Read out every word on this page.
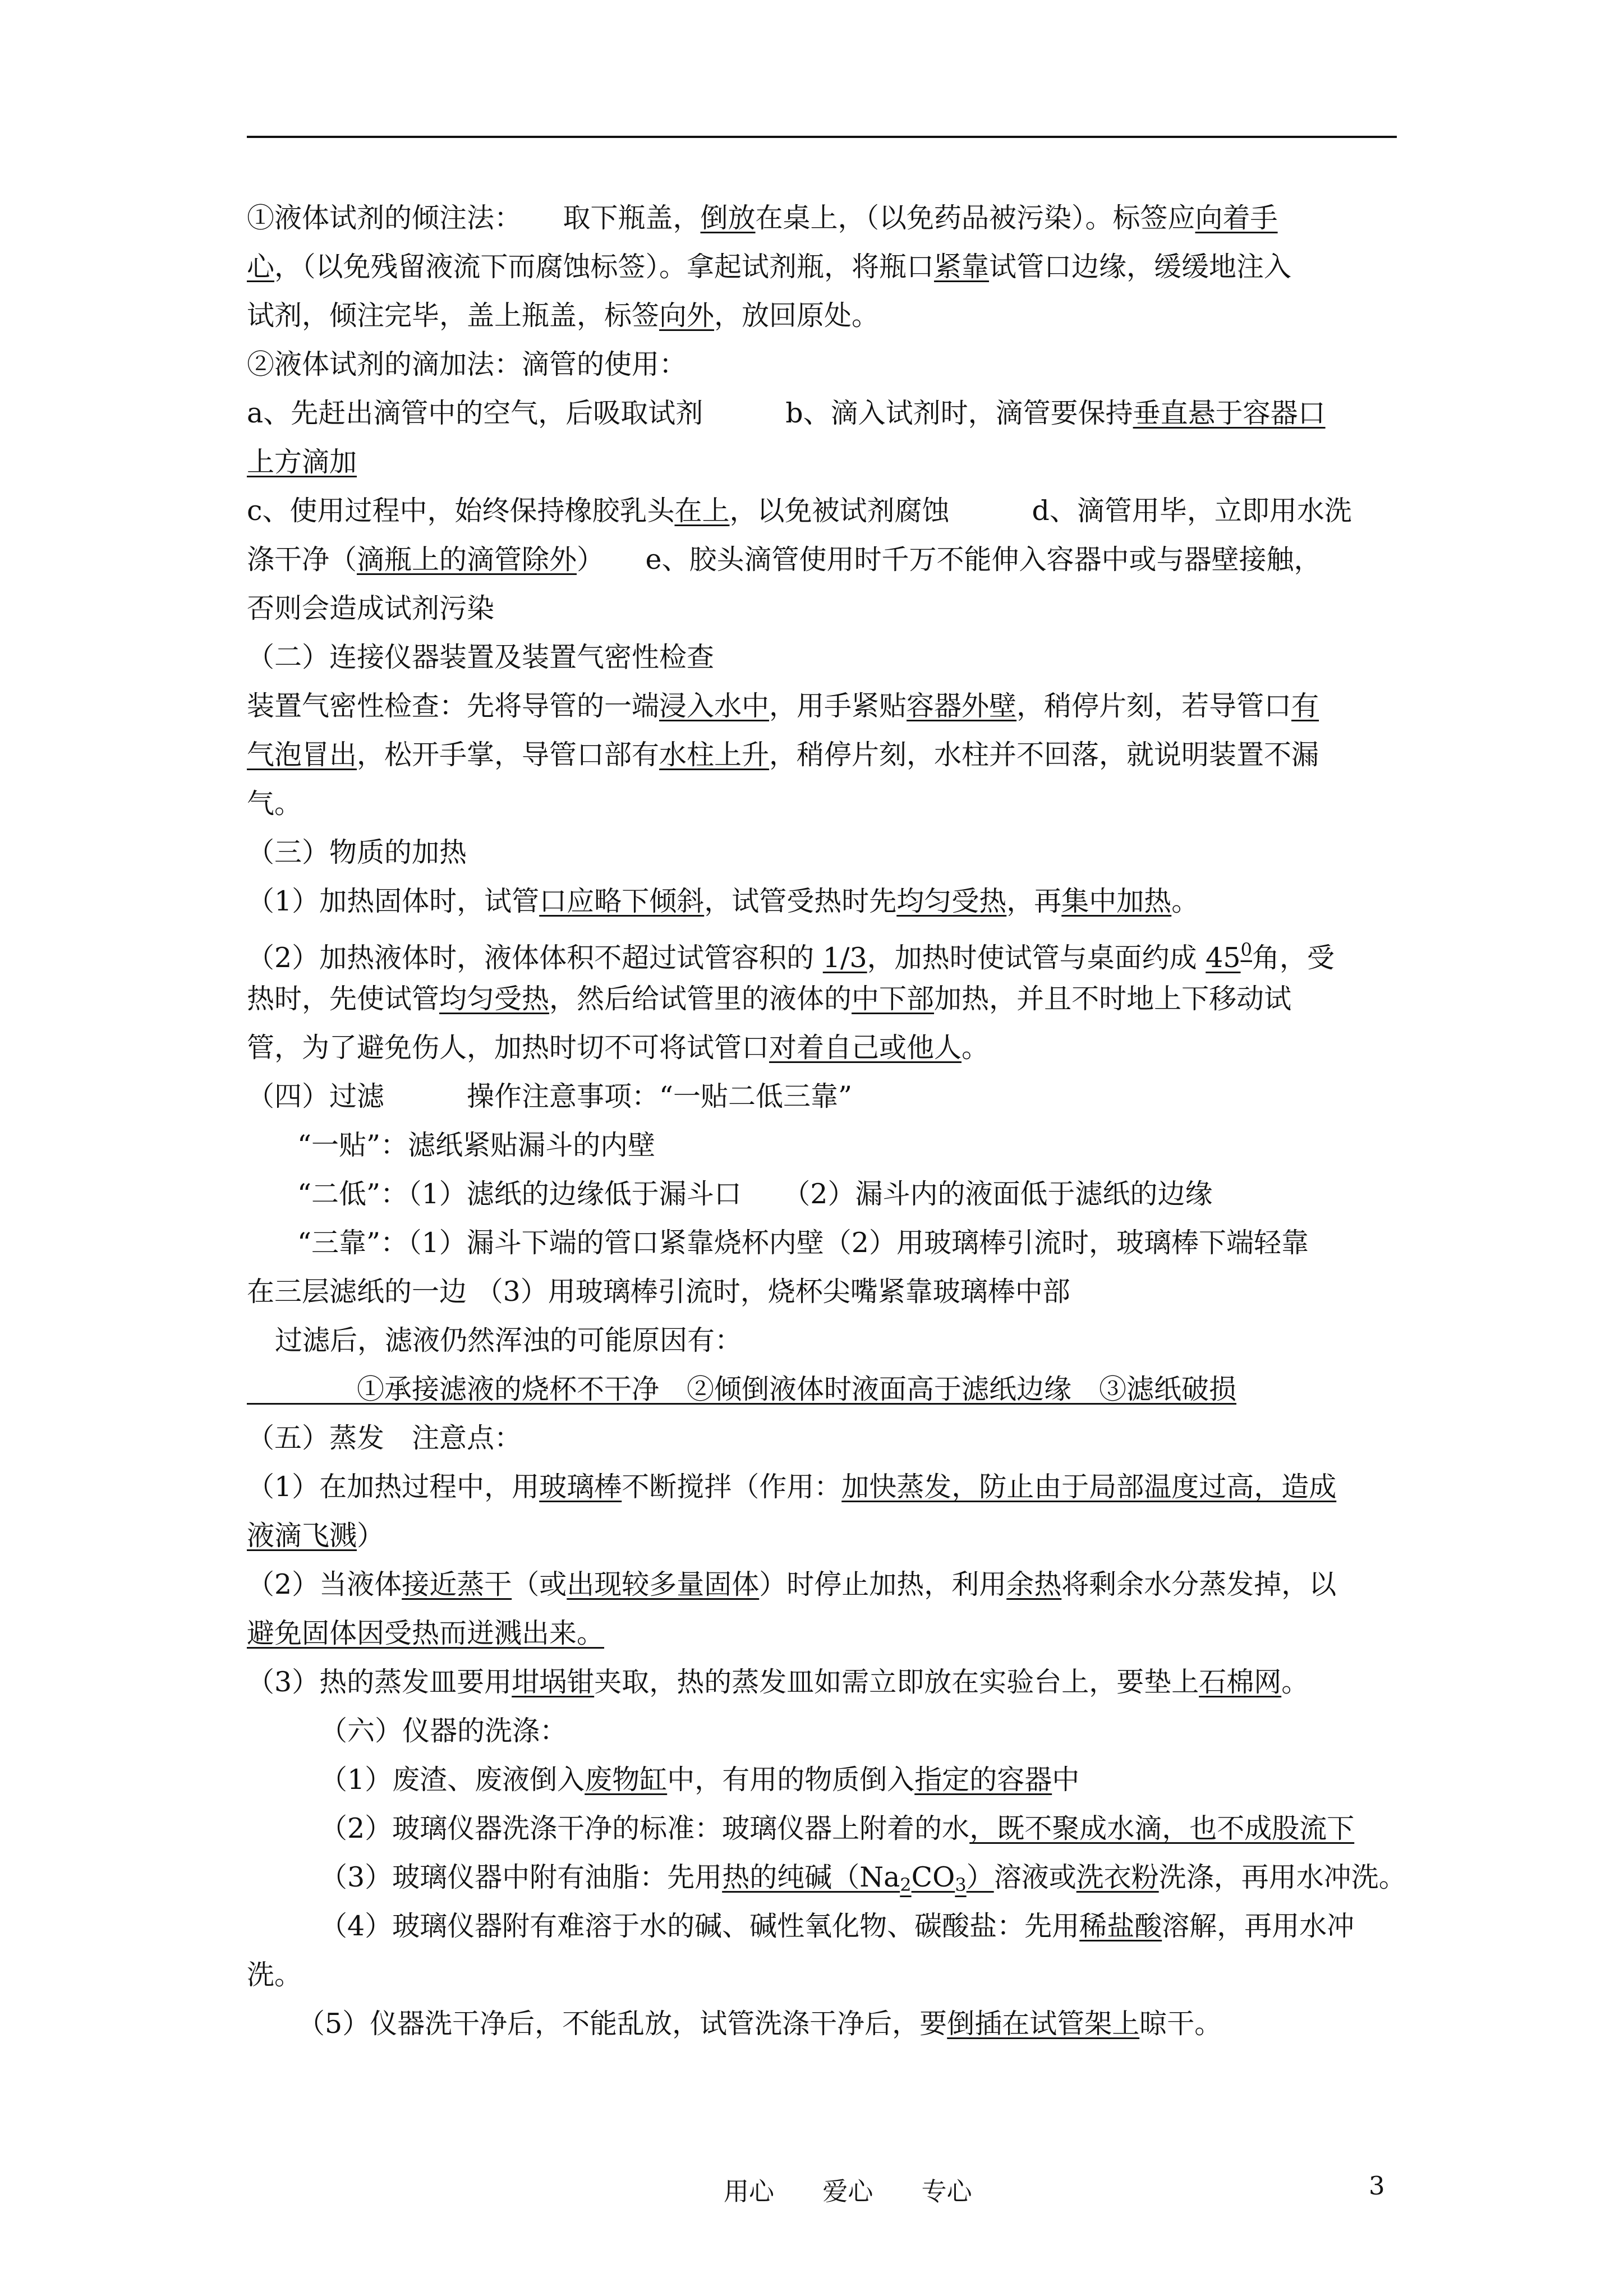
①液体试剂的倾注法：　　取下瓶盖，倒放在桌上，（以免药品被污染）。标签应向着手
心，（以免残留液流下而腐蚀标签）。拿起试剂瓶，将瓶口紧靠试管口边缘，缓缓地注入
试剂，倾注完毕，盖上瓶盖，标签向外，放回原处。
②液体试剂的滴加法：滴管的使用：
a、先赶出滴管中的空气，后吸取试剂　　　b、滴入试剂时，滴管要保持垂直悬于容器口
上方滴加
c、使用过程中，始终保持橡胶乳头在上，以免被试剂腐蚀　　　d、滴管用毕，立即用水洗
涤干净（滴瓶上的滴管除外）　　e、胶头滴管使用时千万不能伸入容器中或与器壁接触，
否则会造成试剂污染
（二）连接仪器装置及装置气密性检查
装置气密性检查：先将导管的一端浸入水中，用手紧贴容器外壁，稍停片刻，若导管口有
气泡冒出，松开手掌，导管口部有水柱上升，稍停片刻，水柱并不回落，就说明装置不漏
气。
（三）物质的加热
（1）加热固体时，试管口应略下倾斜，试管受热时先均匀受热，再集中加热。
（2）加热液体时，液体体积不超过试管容积的 1/3，加热时使试管与桌面约成 $45^0$角，受
热时，先使试管均匀受热，然后给试管里的液体的中下部加热，并且不时地上下移动试
管，为了避免伤人，加热时切不可将试管口对着自己或他人。
（四）过滤　　　操作注意事项：“一贴二低三靠”
“一贴”：滤纸紧贴漏斗的内壁
“二低”：（1）滤纸的边缘低于漏斗口　　（2）漏斗内的液面低于滤纸的边缘
“三靠”：（1）漏斗下端的管口紧靠烧杯内壁（2）用玻璃棒引流时，玻璃棒下端轻靠
在三层滤纸的一边 （3）用玻璃棒引流时，烧杯尖嘴紧靠玻璃棒中部
过滤后，滤液仍然浑浊的可能原因有：
　　　　①承接滤液的烧杯不干净　②倾倒液体时液面高于滤纸边缘　③滤纸破损
（五）蒸发　注意点：
（1）在加热过程中，用玻璃棒不断搅拌（作用：加快蒸发，防止由于局部温度过高，造成
液滴飞溅）
（2）当液体接近蒸干（或出现较多量固体）时停止加热，利用余热将剩余水分蒸发掉，以
避免固体因受热而迸溅出来。
（3）热的蒸发皿要用坩埚钳夹取，热的蒸发皿如需立即放在实验台上，要垫上石棉网。
（六）仪器的洗涤：
（1）废渣、废液倒入废物缸中，有用的物质倒入指定的容器中
（2）玻璃仪器洗涤干净的标准：玻璃仪器上附着的水，既不聚成水滴，也不成股流下
（3）玻璃仪器中附有油脂：先用热的纯碱$(Na_2CO_3)$溶液或洗衣粉洗涤，再用水冲洗。
（4）玻璃仪器附有难溶于水的碱、碱性氧化物、碳酸盐：先用稀盐酸溶解，再用水冲
洗。
（5）仪器洗干净后，不能乱放，试管洗涤干净后，要倒插在试管架上晾干。
用心 爱心 专心	3
